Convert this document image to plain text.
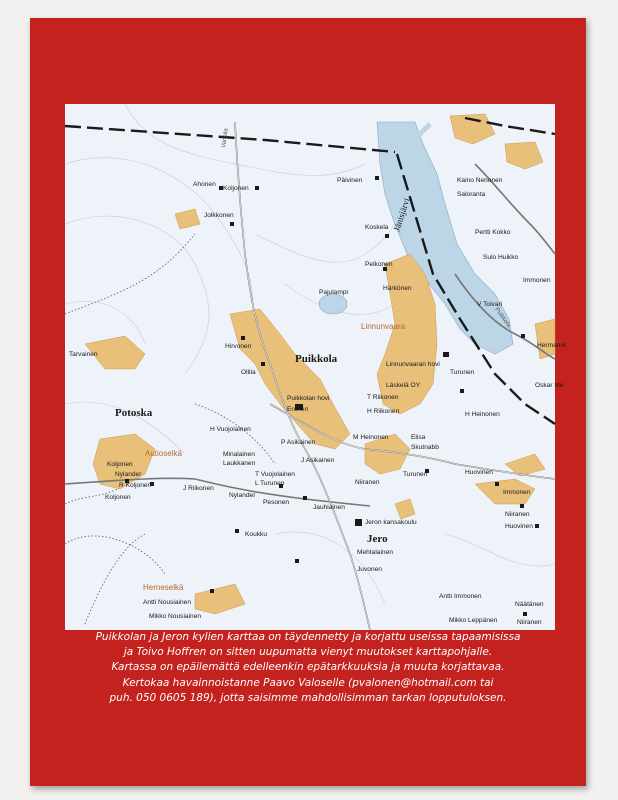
Ahonen
Koljonen
Päivinen
Jolkkonen
Kaino Nenonen
Saloranta
Koskela
Pertti Kokko
Sulo Huikko
Immonen
Pelkonen
Härkönen
V Toivari
Hirvonen
Ollila
Tarvainen
Linnunvaaran hovi
Läskelä OY
Turunen
Puikkolan hovi
Eronen
T Riikonen
H Riikonen	H Heinonen
H Vuojolainen
P Asikainen
M Heinonen	Elisa
Skutnabb
Minalainen
Laukkanen	J Asikainen
T Vuojolainen
L Turunen	Niiranen
Turunen	Huovinen
Koljonen
Nylander
R Koljonen	J Riikonen
Nylander
Pesonen
Koljonen
Jauhiainen
Immonen
Niiranen
Huovinen
Jeron kansakoulu
Koukku
Mehtalainen
Juvonen
Antti Nousiainen
Mikko Nousiainen
Antti Immonen
Näätänen
Mikko Leppänen	Niiranen
Hermanni
Oskar Me
Puikkola
Potoska
Jero
Linnunvaara
Autioselkä
Herneselkä
Jänisjärvi
Pajulampi
Vartsila
Puikkola

Puikkolan ja Jeron kylien karttaa on täydennetty ja korjattu useissa tapaamisissa

ja Toivo Hoffren on sitten uupumatta vienyt muutokset karttapohjalle.

Kartassa on epäilemättä edelleenkin epätarkkuuksia ja muuta korjattavaa.

Kertokaa havainnoistanne Paavo Valoselle (pvalonen@hotmail.com tai

puh. 050 0605 189), jotta saisimme mahdollisimman tarkan lopputuloksen.
